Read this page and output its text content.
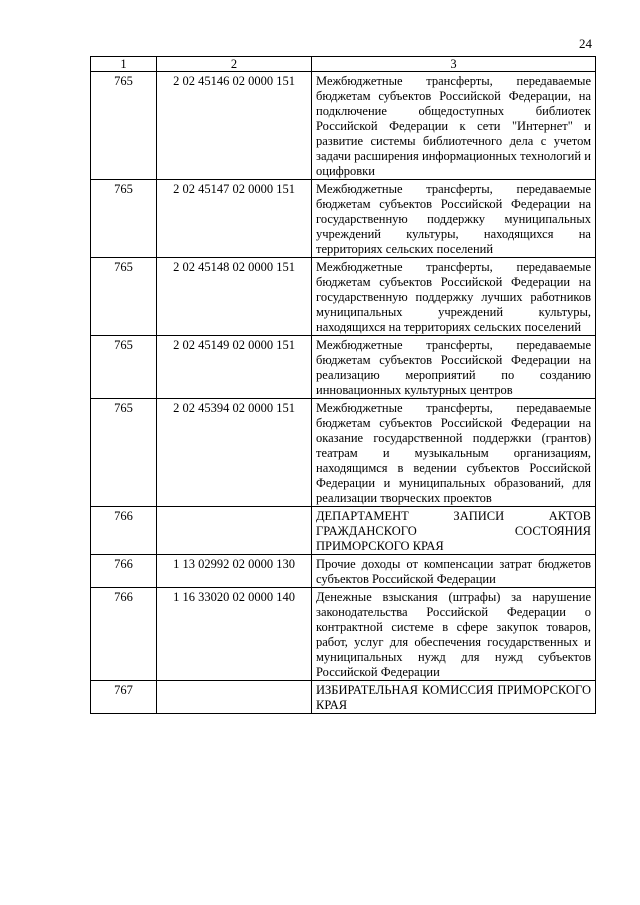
24
1	2	3
765	2 02 45146 02 0000 151	Межбюджетные трансферты, передаваемые бюджетам субъектов Российской Федерации, на подключение общедоступных библиотек Российской Федерации к сети "Интернет" и развитие системы библиотечного дела с учетом задачи расширения информационных технологий и оцифровки
765	2 02 45147 02 0000 151	Межбюджетные трансферты, передаваемые бюджетам субъектов Российской Федерации на государственную поддержку муниципальных учреждений культуры, находящихся на территориях сельских поселений
765	2 02 45148 02 0000 151	Межбюджетные трансферты, передаваемые бюджетам субъектов Российской Федерации на государственную поддержку лучших работников муниципальных учреждений культуры, находящихся на территориях сельских поселений
765	2 02 45149 02 0000 151	Межбюджетные трансферты, передаваемые бюджетам субъектов Российской Федерации на реализацию мероприятий по созданию инновационных культурных центров
765	2 02 45394 02 0000 151	Межбюджетные трансферты, передаваемые бюджетам субъектов Российской Федерации на оказание государственной поддержки (грантов) театрам и музыкальным организациям, находящимся в ведении субъектов Российской Федерации и муниципальных образований, для реализации творческих проектов
766		ДЕПАРТАМЕНТ ЗАПИСИ АКТОВ ГРАЖДАНСКОГО СОСТОЯНИЯ ПРИМОРСКОГО КРАЯ
766	1 13 02992 02 0000 130	Прочие доходы от компенсации затрат бюджетов субъектов Российской Федерации
766	1 16 33020 02 0000 140	Денежные взыскания (штрафы) за нарушение законодательства Российской Федерации о контрактной системе в сфере закупок товаров, работ, услуг для обеспечения государственных и муниципальных нужд для нужд субъектов Российской Федерации
767		ИЗБИРАТЕЛЬНАЯ КОМИССИЯ ПРИМОРСКОГО КРАЯ
